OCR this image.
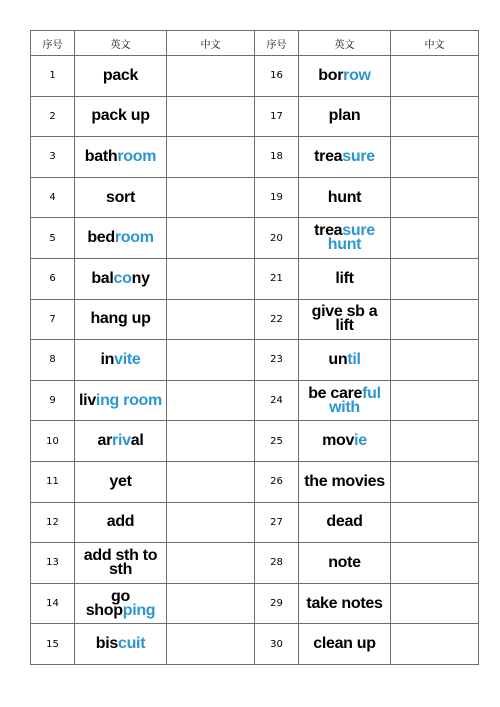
序号	英文	中文	序号	英文	中文
1	pack		16	borrow	
2	pack up		17	plan	
3	bathroom		18	treasure	
4	sort		19	hunt	
5	bedroom		20	treasure hunt	
6	balcony		21	lift	
7	hang up		22	give sb a lift	
8	invite		23	until	
9	living room		24	be careful with	
10	arrival		25	movie	
11	yet		26	the movies	
12	add		27	dead	
13	add sth to sth		28	note	
14	go shopping		29	take notes	
15	biscuit		30	clean up	
